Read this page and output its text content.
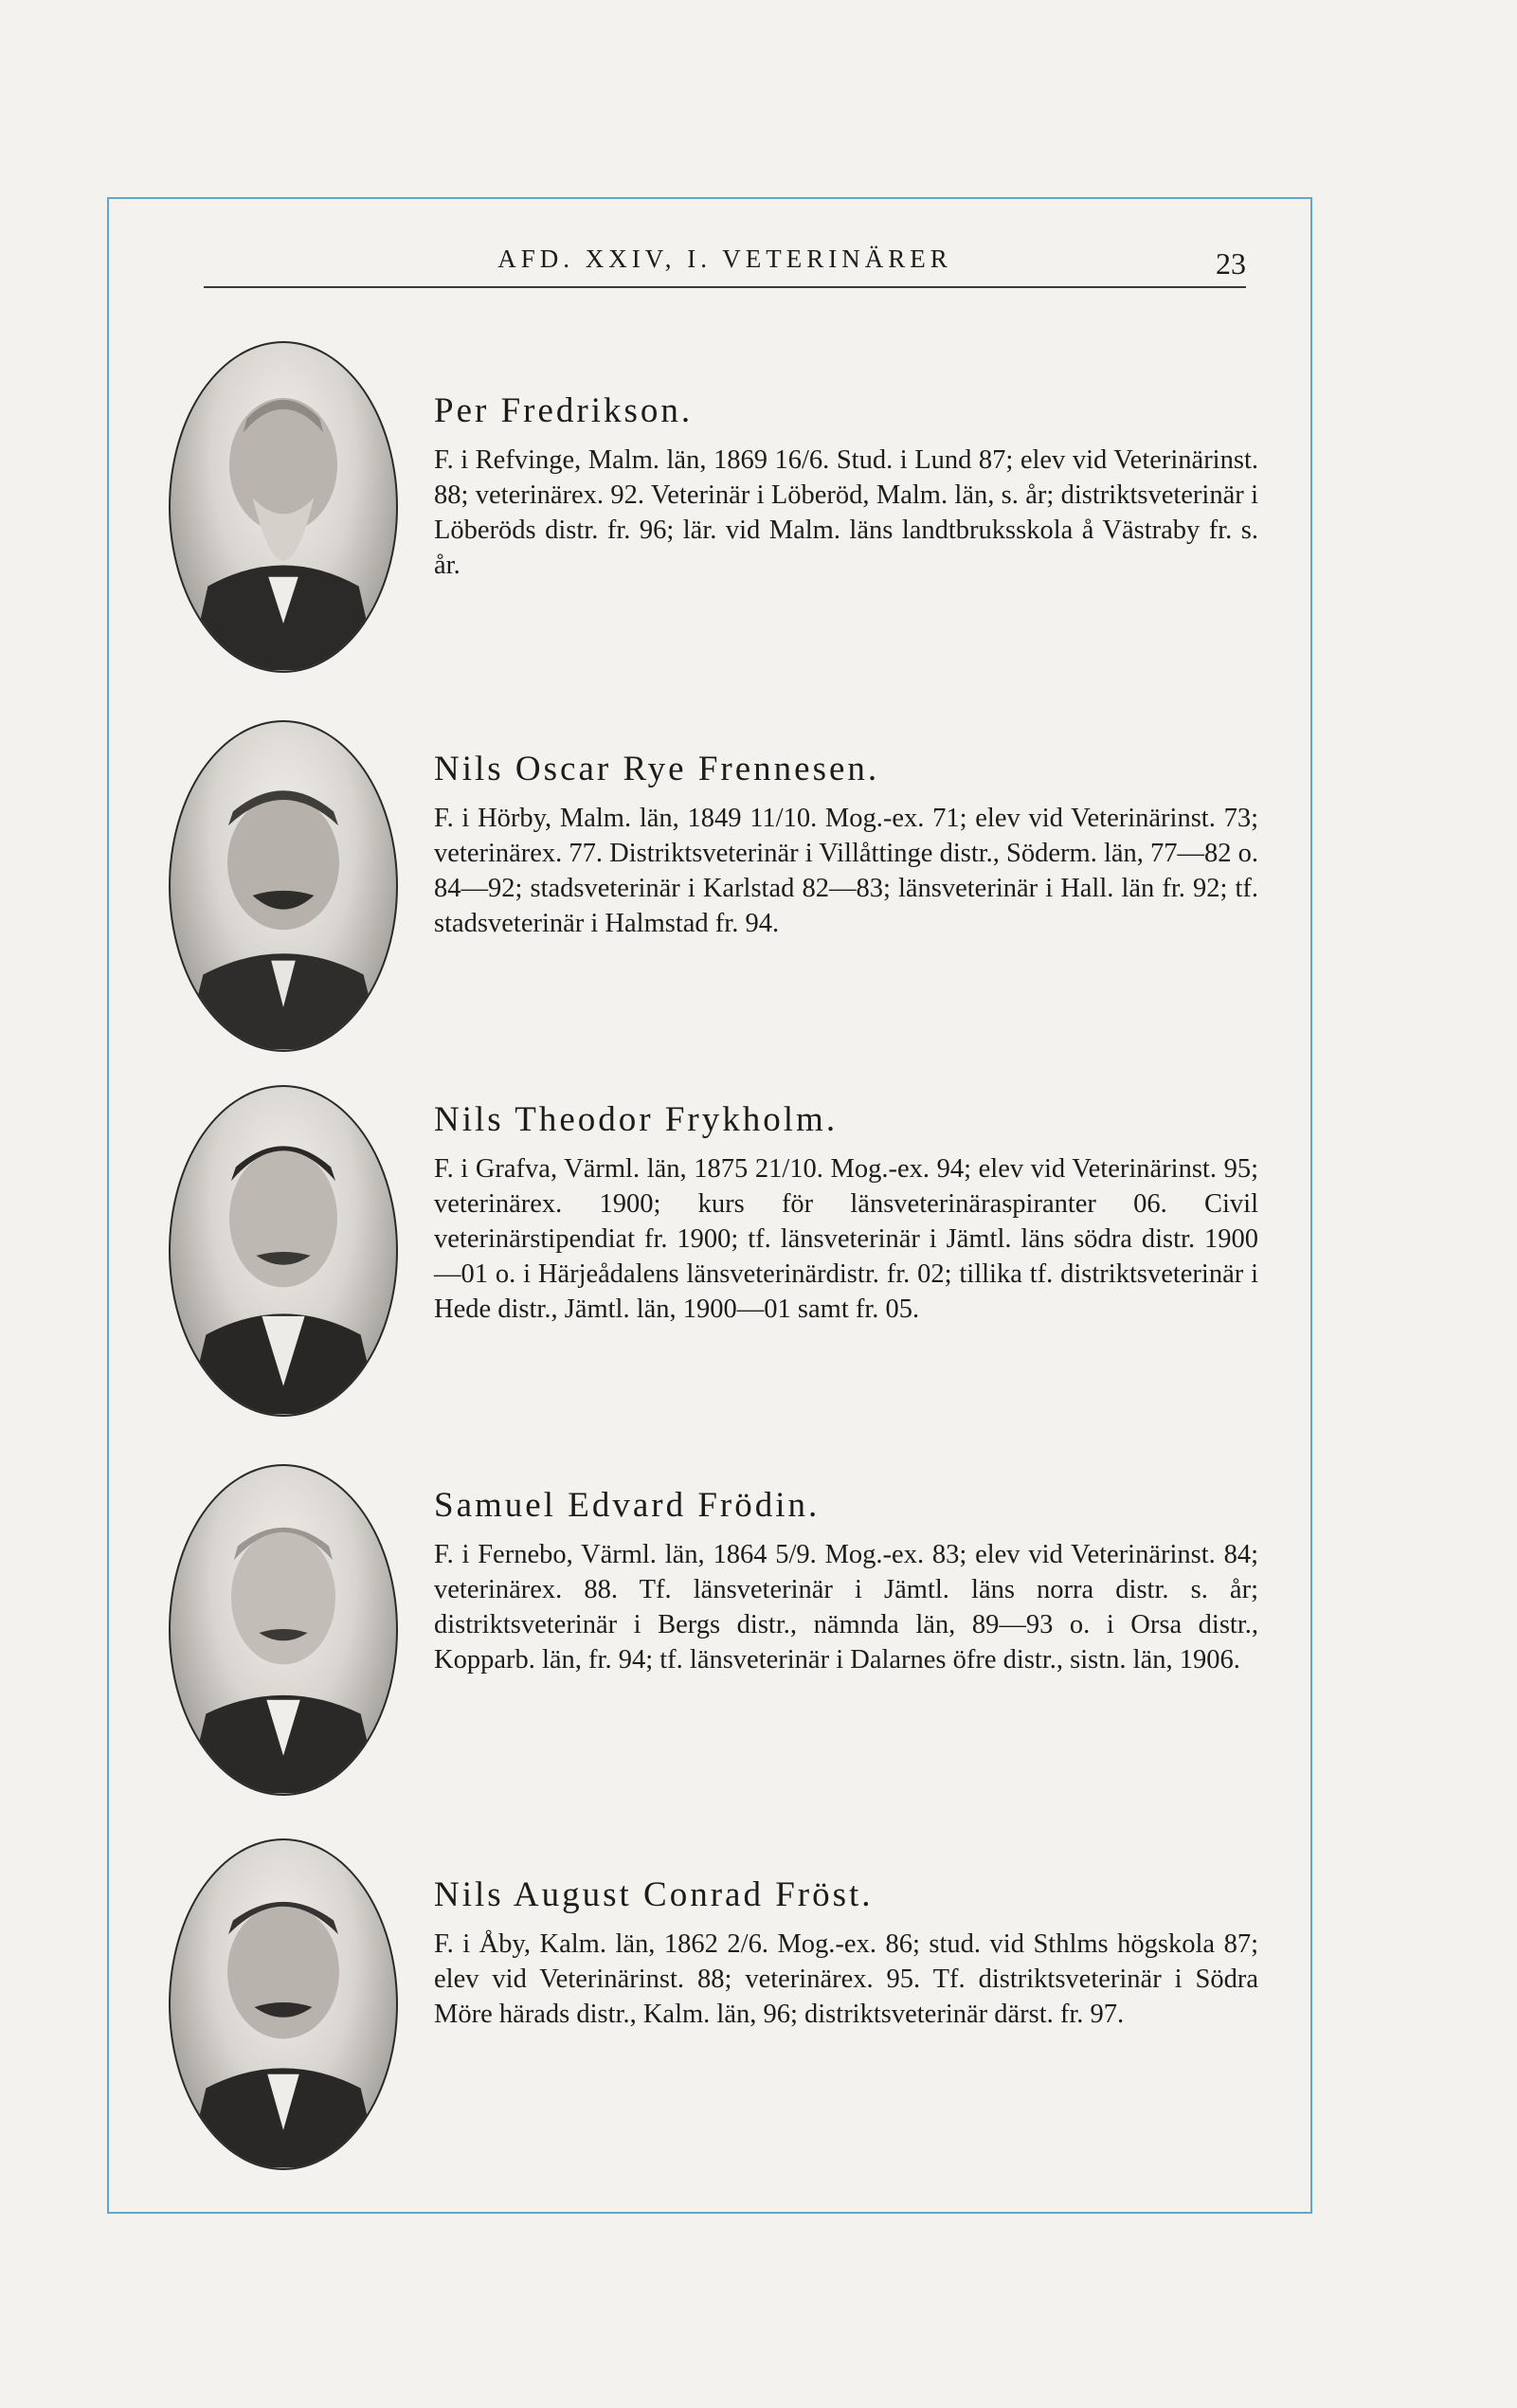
AFD. XXIV, I. VETERINÄRER	23
Per Fredrikson.

F. i Refvinge, Malm. län, 1869 16/6. Stud. i Lund 87; elev vid Veterinärinst. 88; veterinärex. 92. Veterinär i Löberöd, Malm. län, s. år; distriktsveterinär i Löberöds distr. fr. 96; lär. vid Malm. läns landtbruksskola å Västraby fr. s. år.

Nils Oscar Rye Frennesen.

F. i Hörby, Malm. län, 1849 11/10. Mog.-ex. 71; elev vid Veterinärinst. 73; veterinärex. 77. Distriktsveterinär i Villåttinge distr., Söderm. län, 77—82 o. 84—92; stadsveterinär i Karlstad 82—83; länsveterinär i Hall. län fr. 92; tf. stadsveterinär i Halmstad fr. 94.

Nils Theodor Frykholm.

F. i Grafva, Värml. län, 1875 21/10. Mog.-ex. 94; elev vid Veterinärinst. 95; veterinärex. 1900; kurs för länsveterinäraspiranter 06. Civil veterinärstipendiat fr. 1900; tf. länsveterinär i Jämtl. läns södra distr. 1900—01 o. i Härjeådalens länsveterinärdistr. fr. 02; tillika tf. distriktsveterinär i Hede distr., Jämtl. län, 1900—01 samt fr. 05.

Samuel Edvard Frödin.

F. i Fernebo, Värml. län, 1864 5/9. Mog.-ex. 83; elev vid Veterinärinst. 84; veterinärex. 88. Tf. länsveterinär i Jämtl. läns norra distr. s. år; distriktsveterinär i Bergs distr., nämnda län, 89—93 o. i Orsa distr., Kopparb. län, fr. 94; tf. länsveterinär i Dalarnes öfre distr., sistn. län, 1906.

Nils August Conrad Fröst.

F. i Åby, Kalm. län, 1862 2/6. Mog.-ex. 86; stud. vid Sthlms högskola 87; elev vid Veterinärinst. 88; veterinärex. 95. Tf. distriktsveterinär i Södra Möre härads distr., Kalm. län, 96; distriktsveterinär därst. fr. 97.
